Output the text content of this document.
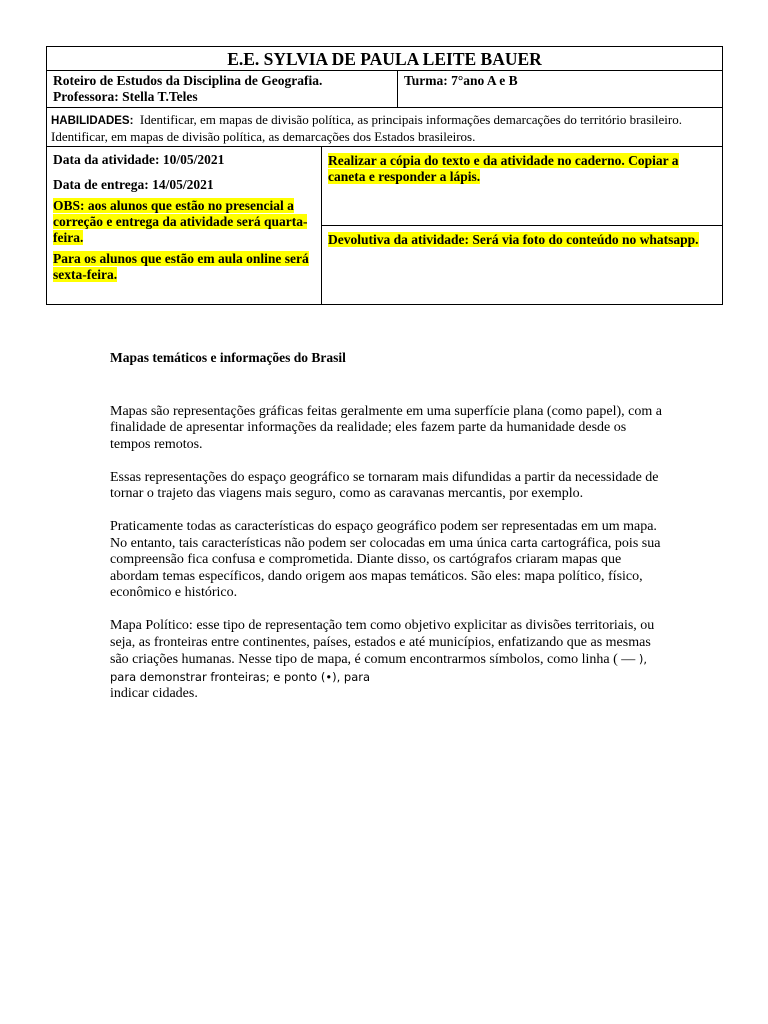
E.E. SYLVIA DE PAULA LEITE BAUER		

Roteiro de Estudos da Disciplina de Geografia.
Professora: Stella T.Teles		Turma: 7°ano A e B
HABILIDADES: Identificar, em mapas de divisão política, as principais informações demarcações do território brasileiro. Identificar, em mapas de divisão política, as demarcações dos Estados brasileiros.		

Data da atividade: 10/05/2021

Data de entrega: 14/05/2021

OBS: aos alunos que estão no presencial a correção e entrega da atividade será quarta-feira.

Para os alunos que estão em aula online será sexta-feira.	Realizar a cópia do texto e da atividade no caderno. Copiar a caneta e responder a lápis.	

	Devolutiva da atividade: Será via foto do conteúdo no whatsapp.	

Mapas temáticos e informações do Brasil

Mapas são representações gráficas feitas geralmente em uma superfície plana (como papel), com a finalidade de apresentar informações da realidade; eles fazem parte da humanidade desde os tempos remotos.

Essas representações do espaço geográfico se tornaram mais difundidas a partir da necessidade de tornar o trajeto das viagens mais seguro, como as caravanas mercantis, por exemplo.

Praticamente todas as características do espaço geográfico podem ser representadas em um mapa. No entanto, tais características não podem ser colocadas em uma única carta cartográfica, pois sua compreensão fica confusa e comprometida. Diante disso, os cartógrafos criaram mapas que abordam temas específicos, dando origem aos mapas temáticos. São eles: mapa político, físico, econômico e histórico.

Mapa Político: esse tipo de representação tem como objetivo explicitar as divisões territoriais, ou seja, as fronteiras entre continentes, países, estados e até municípios, enfatizando que as mesmas são criações humanas. Nesse tipo de mapa, é comum encontrarmos símbolos, como linha ( — ), para demonstrar fronteiras; e ponto (•), para
indicar cidades.
